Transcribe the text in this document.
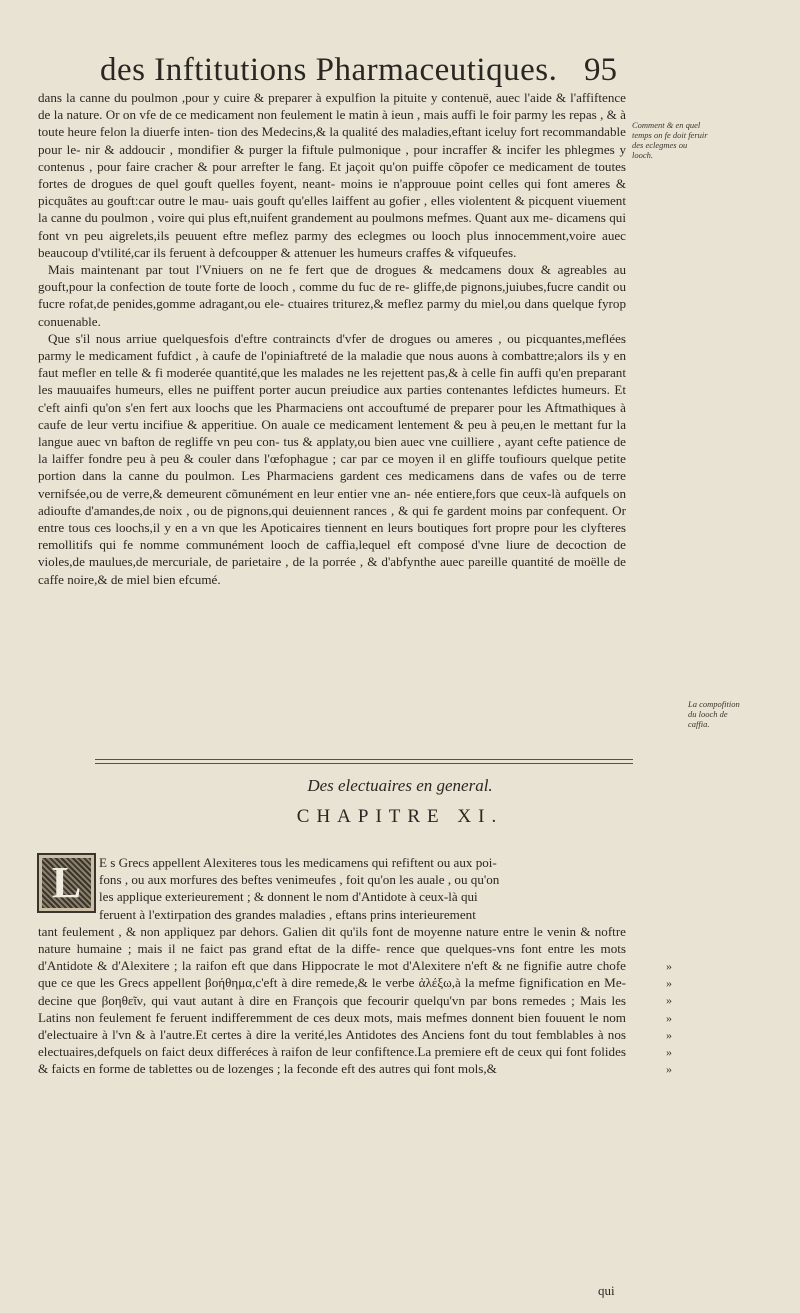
des Inftitutions Pharmaceutiques. 95

dans la canne du poulmon ,pour y cuire & preparer à expulfion la pituite y contenuë, auec l'aide & l'affiftence de la nature. Or on vfe de ce medicament non feulement le matin à ieun , mais auffi le foir parmy les repas , & à toute heure felon la diuerfe inten- tion des Medecins,& la qualité des maladies,eftant iceluy fort recommandable pour le- nir & addoucir , mondifier & purger la fiftule pulmonique , pour incraffer & incifer les phlegmes y contenus , pour faire cracher & pour arrefter le fang. Et jaçoit qu'on puiffe cõpofer ce medicament de toutes fortes de drogues de quel gouft quelles foyent, neant- moins ie n'approuue point celles qui font ameres & picquãtes au gouft:car outre le mau- uais gouft qu'elles laiffent au gofier , elles violentent & picquent viuement la canne du poulmon , voire qui plus eft,nuifent grandement au poulmons mefmes. Quant aux me- dicamens qui font vn peu aigrelets,ils peuuent eftre meflez parmy des eclegmes ou looch plus innocemment,voire auec beaucoup d'vtilité,car ils feruent à defcoupper & attenuer les humeurs craffes & vifqueufes.

Mais maintenant par tout l'Vniuers on ne fe fert que de drogues & medcamens doux & agreables au gouft,pour la confection de toute forte de looch , comme du fuc de re- gliffe,de pignons,juiubes,fucre candit ou fucre rofat,de penides,gomme adragant,ou ele- ctuaires triturez,& meflez parmy du miel,ou dans quelque fyrop conuenable.

Que s'il nous arriue quelquesfois d'eftre contraincts d'vfer de drogues ou ameres , ou picquantes,meflées parmy le medicament fufdict , à caufe de l'opiniaftreté de la maladie que nous auons à combattre;alors ils y en faut mefler en telle & fi moderée quantité,que les malades ne les rejettent pas,& à celle fin auffi qu'en preparant les mauuaifes humeurs, elles ne puiffent porter aucun preiudice aux parties contenantes lefdictes humeurs. Et c'eft ainfi qu'on s'en fert aux loochs que les Pharmaciens ont accouftumé de preparer pour les Aftmathiques à caufe de leur vertu incifiue & apperitiue. On auale ce medicament lentement & peu à peu,en le mettant fur la langue auec vn bafton de regliffe vn peu con- tus & applaty,ou bien auec vne cuilliere , ayant cefte patience de la laiffer fondre peu à peu & couler dans l'œfophague ; car par ce moyen il en gliffe toufiours quelque petite portion dans la canne du poulmon. Les Pharmaciens gardent ces medicamens dans de vafes ou de terre vernifsée,ou de verre,& demeurent cõmunément en leur entier vne an- née entiere,fors que ceux-là aufquels on adioufte d'amandes,de noix , ou de pignons,qui deuiennent rances , & qui fe gardent moins par confequent. Or entre tous ces loochs,il y en a vn que les Apoticaires tiennent en leurs boutiques fort propre pour les clyfteres remollitifs qui fe nomme communément looch de caffia,lequel eft composé d'vne liure de decoction de violes,de maulues,de mercuriale, de parietaire , de la porrée , & d'abfynthe auec pareille quantité de moëlle de caffe noire,& de miel bien efcumé.

Comment & en quel temps on fe doit feruir des eclegmes ou looch.
La compofition du looch de caffia.
Des electuaires en general.
CHAPITRE XI.
L	E s Grecs appellent Alexiteres tous les medicamens qui refiftent ou aux poi-
fons , ou aux morfures des beftes venimeufes , foit qu'on les auale , ou qu'on
les applique exterieurement ; & donnent le nom d'Antidote à ceux-là qui
feruent à l'extirpation des grandes maladies , eftans prins interieurement
tant feulement , & non appliquez par dehors. Galien dit qu'ils font de moyenne nature entre le venin & noftre nature humaine ; mais il ne faict pas grand eftat de la diffe- rence que quelques-vns font entre les mots d'Antidote & d'Alexitere ; la raifon eft que dans Hippocrate le mot d'Alexitere n'eft & ne fignifie autre chofe que ce que les Grecs appellent βοήθημα,c'eft à dire remede,& le verbe ἀλέξω,à la mefme fignification en Me- decine que βοηθεῖν, qui vaut autant à dire en François que fecourir quelqu'vn par bons remedes ; Mais les Latins non feulement fe feruent indifferemment de ces deux mots, mais mefmes donnent bien fouuent le nom d'electuaire à l'vn & à l'autre.Et certes à dire la verité,les Antidotes des Anciens font du tout femblables à nos electuaires,defquels on faict deux differéces à raifon de leur confiftence.La premiere eft de ceux qui font folides & faicts en forme de tablettes ou de lozenges ; la feconde eft des autres qui font mols,&
»
»
»
»
»
»
»
qui
